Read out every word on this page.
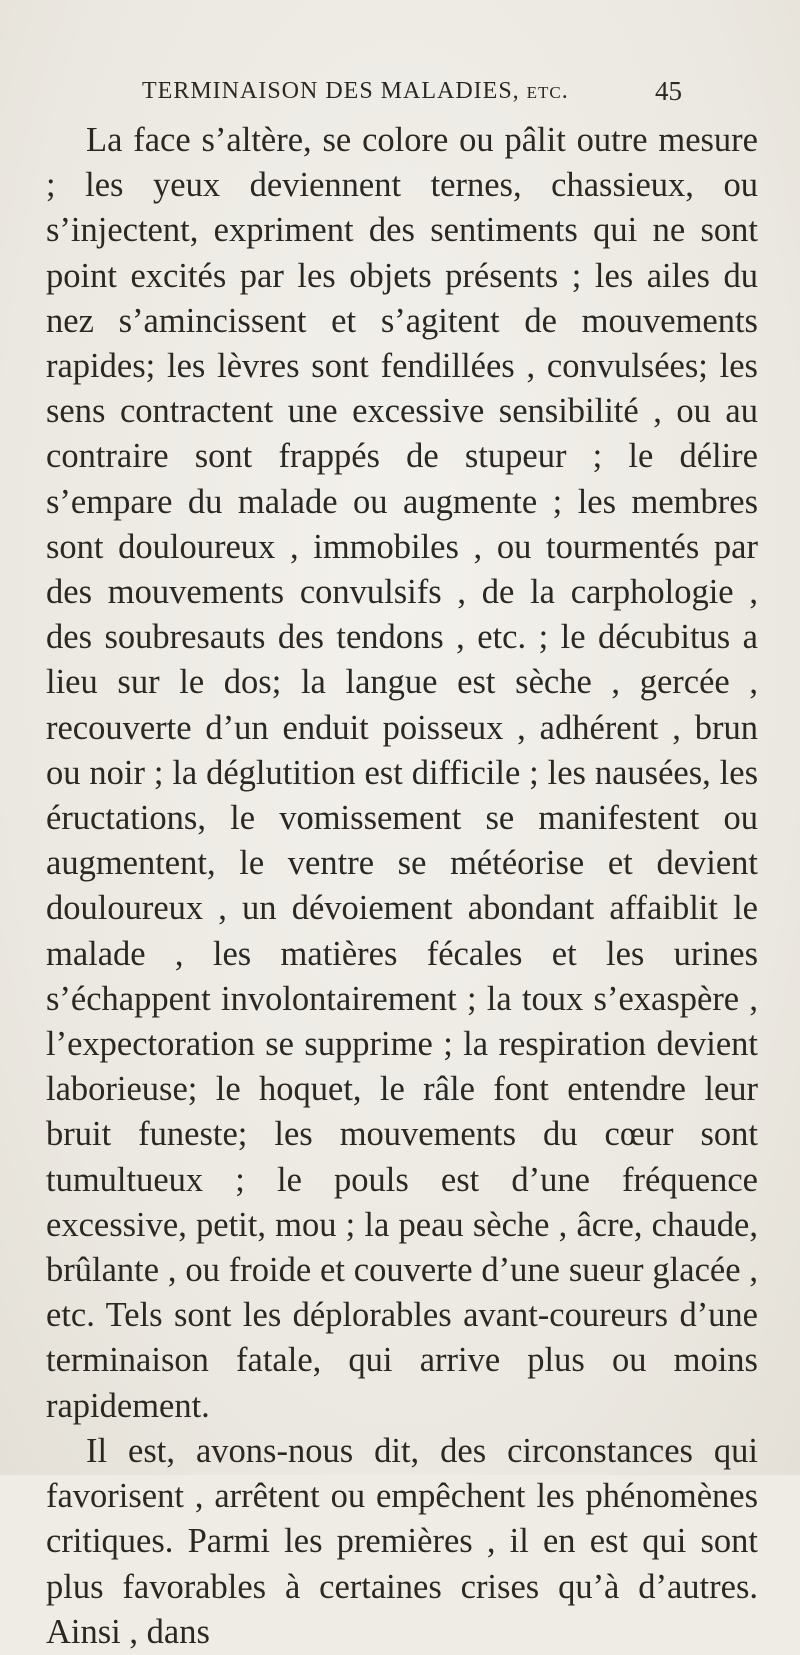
TERMINAISON DES MALADIES, etc.	45

La face s’altère, se colore ou pâlit outre mesure ; les yeux deviennent ternes, chassieux, ou s’injectent, expriment des sentiments qui ne sont point excités par les objets présents ; les ailes du nez s’amincissent et s’agitent de mouvements rapides; les lèvres sont fendillées , convulsées; les sens contractent une excessive sensibilité , ou au contraire sont frappés de stupeur ; le délire s’empare du malade ou augmente ; les membres sont douloureux , immobiles , ou tourmentés par des mouvements convulsifs , de la carphologie , des soubresauts des tendons , etc. ; le décubitus a lieu sur le dos; la langue est sèche , gercée , recouverte d’un enduit poisseux , adhérent , brun ou noir ; la déglutition est difficile ; les nausées, les éructations, le vomissement se manifestent ou augmentent, le ventre se météorise et devient douloureux , un dévoiement abondant affaiblit le malade , les matières fécales et les urines s’échappent involontairement ; la toux s’exaspère , l’expectoration se supprime ; la respiration devient laborieuse; le hoquet, le râle font entendre leur bruit funeste; les mouvements du cœur sont tumultueux ; le pouls est d’une fréquence excessive, petit, mou ; la peau sèche , âcre, chaude, brûlante , ou froide et couverte d’une sueur glacée , etc. Tels sont les déplorables avant-coureurs d’une terminaison fatale, qui arrive plus ou moins rapidement.

Il est, avons-nous dit, des circonstances qui favorisent , arrêtent ou empêchent les phénomènes critiques. Parmi les premières , il en est qui sont plus favorables à certaines crises qu’à d’autres. Ainsi , dans
